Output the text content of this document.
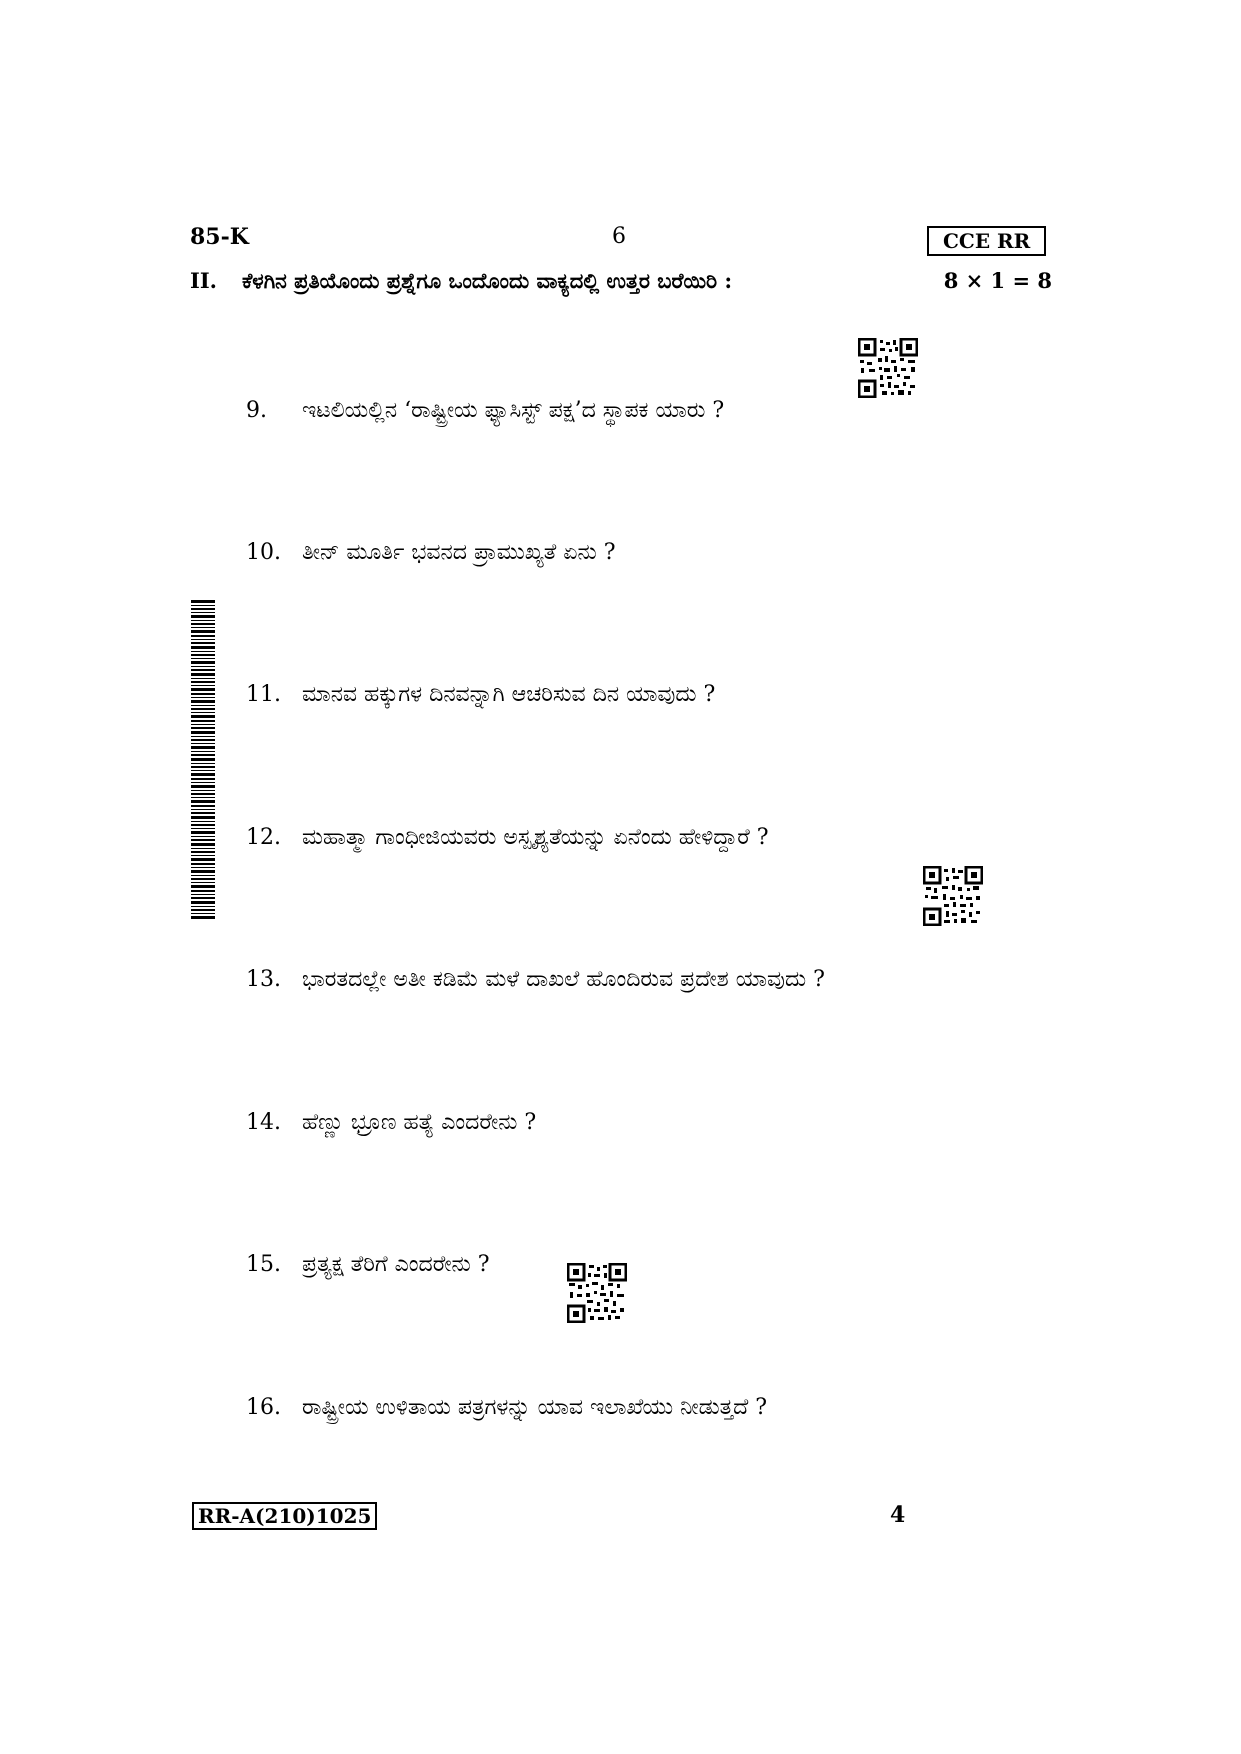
85-K	6	CCE RR
II.	ಕೆಳಗಿನ ಪ್ರತಿಯೊಂದು ಪ್ರಶ್ನೆಗೂ ಒಂದೊಂದು ವಾಕ್ಯದಲ್ಲಿ ಉತ್ತರ ಬರೆಯಿರಿ :	8 × 1 = 8
9.	ಇಟಲಿಯಲ್ಲಿನ ‘ರಾಷ್ಟ್ರೀಯ ಫ್ಯಾಸಿಸ್ಟ್ ಪಕ್ಷ’ದ ಸ್ಥಾಪಕ ಯಾರು ?
10. ತೀನ್ ಮೂರ್ತಿ ಭವನದ ಪ್ರಾಮುಖ್ಯತೆ ಏನು ?
11. ಮಾನವ ಹಕ್ಕುಗಳ ದಿನವನ್ನಾಗಿ ಆಚರಿಸುವ ದಿನ ಯಾವುದು ?
12. ಮಹಾತ್ಮಾ ಗಾಂಧೀಜಿಯವರು ಅಸ್ಪೃಶ್ಯತೆಯನ್ನು ಏನೆಂದು ಹೇಳಿದ್ದಾರೆ ?
13. ಭಾರತದಲ್ಲೇ ಅತೀ ಕಡಿಮೆ ಮಳೆ ದಾಖಲೆ ಹೊಂದಿರುವ ಪ್ರದೇಶ ಯಾವುದು ?
14. ಹೆಣ್ಣು ಭ್ರೂಣ ಹತ್ಯೆ ಎಂದರೇನು ?
15. ಪ್ರತ್ಯಕ್ಷ ತೆರಿಗೆ ಎಂದರೇನು ?
16. ರಾಷ್ಟ್ರೀಯ ಉಳಿತಾಯ ಪತ್ರಗಳನ್ನು ಯಾವ ಇಲಾಖೆಯು ನೀಡುತ್ತದೆ ?
RR-A(210)1025	4
